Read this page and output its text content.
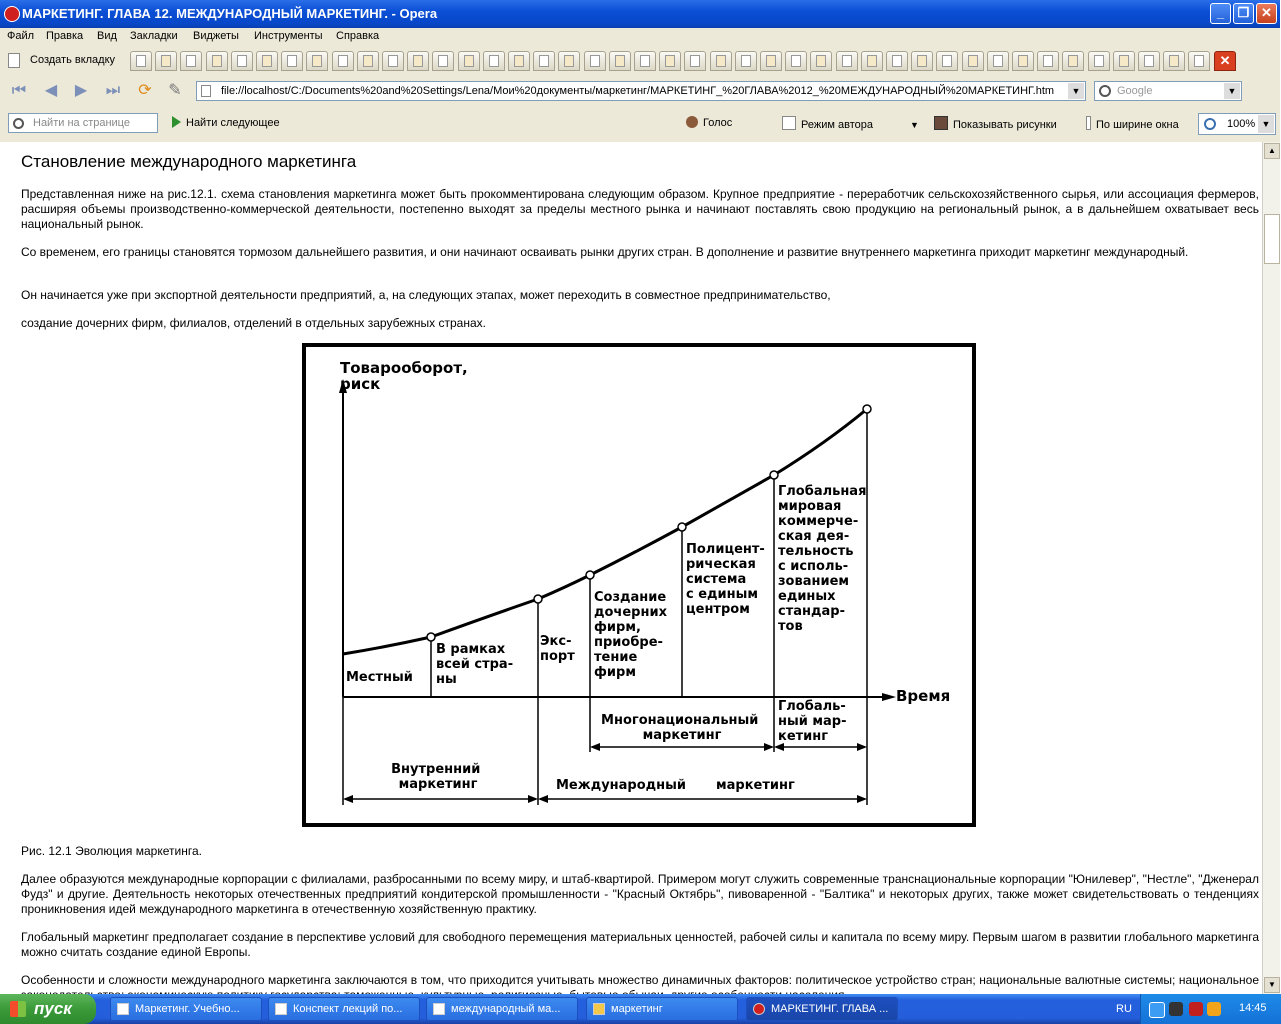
МАРКЕТИНГ. ГЛАВА 12. МЕЖДУНАРОДНЫЙ МАРКЕТИНГ. - Opera	_	❐ ✕
Файл Правка Вид Закладки Виджеты Инструменты Справка
Создать вкладку	✕
⏮	◀	▶	⏭ ⟳ ✎	file://localhost/C:/Documents%20and%20Settings/Lena/Мои%20документы/маркетинг/МАРКЕТИНГ_%20ГЛАВА%2012_%20МЕЖДУНАРОДНЫЙ%20МАРКЕТИНГ.htm	▼	Google	▼
Найти на странице	Найти следующее	Голос	Режим автора	▼	Показывать рисунки	По ширине окна	100% ▼
Становление международного маркетинга
Представленная ниже на рис.12.1. схема становления маркетинга может быть прокомментирована следующим образом. Крупное предприятие - переработчик сельскохозяйственного сырья, или ассоциация фермеров, расширяя объемы производственно-коммерческой деятельности, постепенно выходят за пределы местного рынка и начинают поставлять свою продукцию на региональный рынок, а в дальнейшем охватывает весь национальный рынок.
Со временем, его границы становятся тормозом дальнейшего развития, и они начинают осваивать рынки других стран. В дополнение и развитие внутреннего маркетинга приходит маркетинг международный.
Он начинается уже при экспортной деятельности предприятий, а, на следующих этапах, может переходить в совместное предпринимательство,
создание дочерних фирм, филиалов, отделений в отдельных зарубежных странах.
Товарооборот,
риск
Время
Местный
В рамках всей стра- ны
Экс- порт
Создание дочерних фирм, приобре- тение фирм
Полицент- рическая система с единым центром
Глобальная мировая коммерче- ская дея- тельность с исполь- зованием единых стандар- тов
Многонациональный маркетинг
Глобаль- ный мар- кетинг
Внутренний маркетинг	Международный маркетинг
Рис. 12.1 Эволюция маркетинга.
Далее образуются международные корпорации с филиалами, разбросанными по всему миру, и штаб-квартирой. Примером могут служить современные транснациональные корпорации "Юнилевер", "Нестле", "Дженерал Фудз" и другие. Деятельность некоторых отечественных предприятий кондитерской промышленности - "Красный Октябрь", пивоваренной - "Балтика" и некоторых других, также может свидетельствовать о тенденциях проникновения идей международного маркетинга в отечественную хозяйственную практику.
Глобальный маркетинг предполагает создание в перспективе условий для свободного перемещения материальных ценностей, рабочей силы и капитала по всему миру. Первым шагом в развитии глобального маркетинга можно считать создание единой Европы.
Особенности и сложности международного маркетинга заключаются в том, что приходится учитывать множество динамичных факторов: политическое устройство стран; национальные валютные системы; национальное
▲
▼
пуск	Маркетинг. Учебно...	Конспект лекций по...	международный ма...	маркетинг	МАРКЕТИНГ. ГЛАВА ...	RU	14:45
